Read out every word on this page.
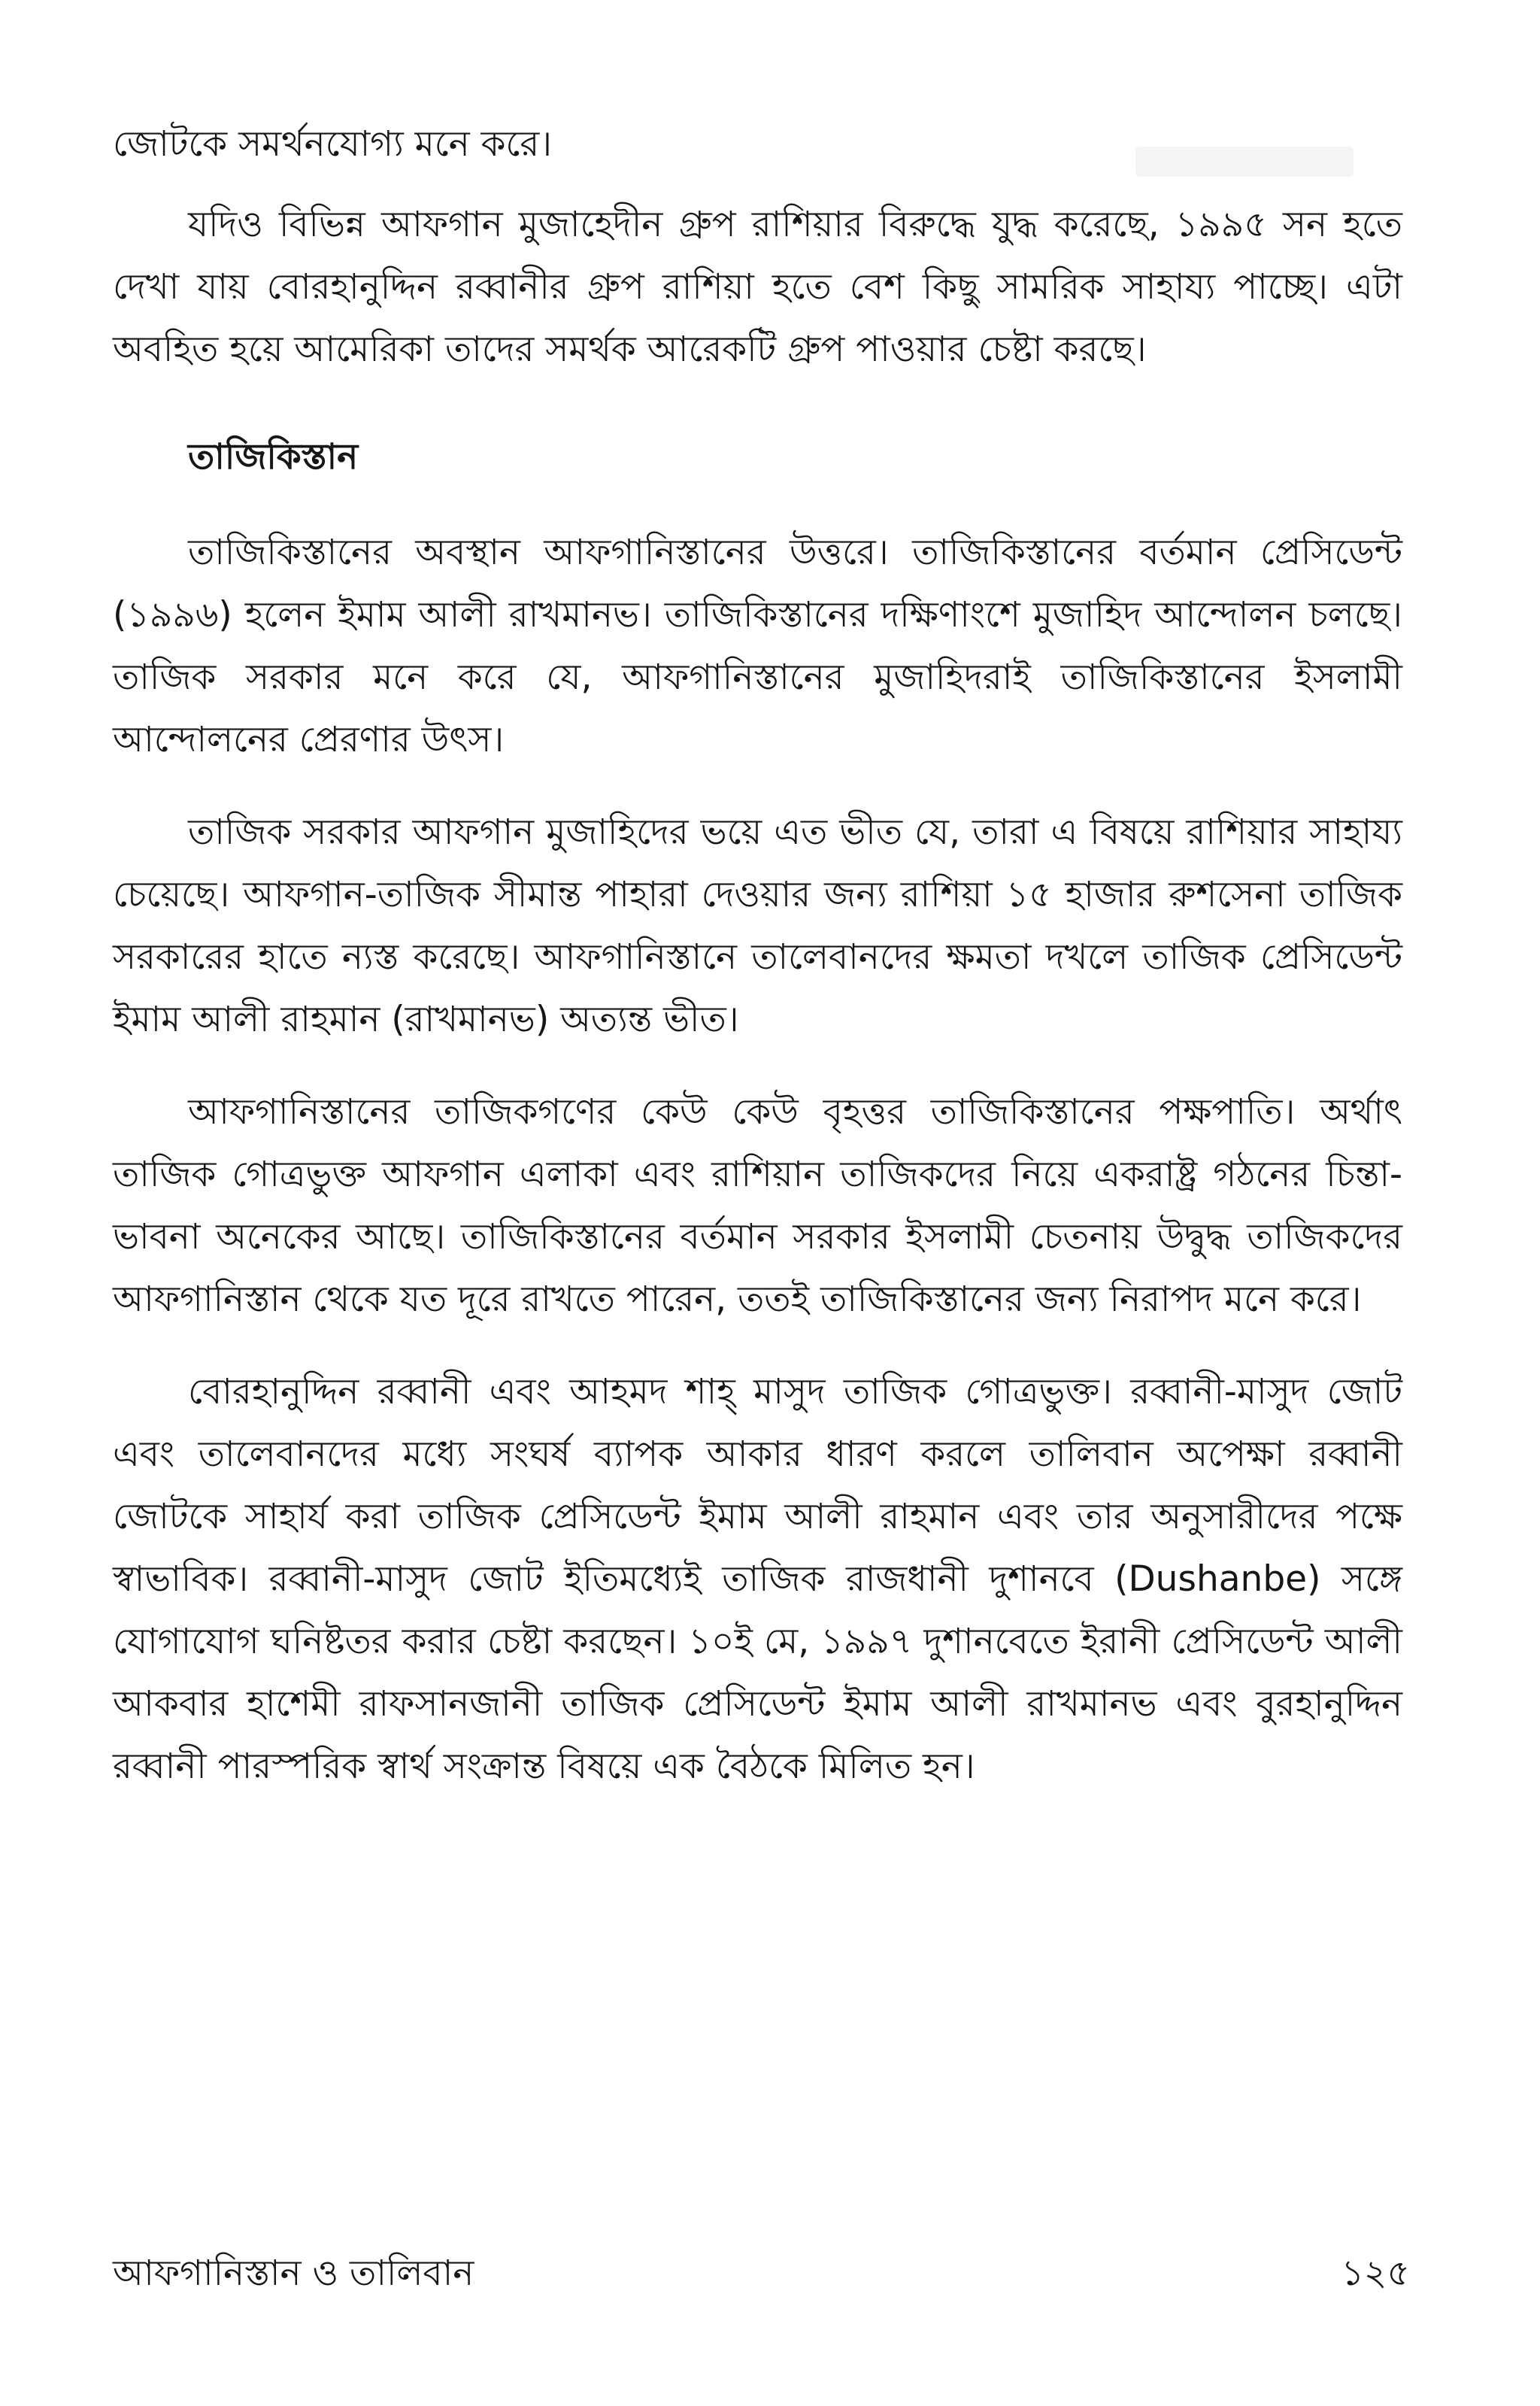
জোটকে সমর্থনযোগ্য মনে করে।

যদিও বিভিন্ন আফগান মুজাহেদীন গ্রুপ রাশিয়ার বিরুদ্ধে যুদ্ধ করেছে, ১৯৯৫ সন হতে দেখা যায় বোরহানুদ্দিন রব্বানীর গ্রুপ রাশিয়া হতে বেশ কিছু সামরিক সাহায্য পাচ্ছে। এটা অবহিত হয়ে আমেরিকা তাদের সমর্থক আরেকটি গ্রুপ পাওয়ার চেষ্টা করছে।

তাজিকিস্তান

তাজিকিস্তানের অবস্থান আফগানিস্তানের উত্তরে। তাজিকিস্তানের বর্তমান প্রেসিডেন্ট (১৯৯৬) হলেন ইমাম আলী রাখমানভ। তাজিকিস্তানের দক্ষিণাংশে মুজাহিদ আন্দোলন চলছে। তাজিক সরকার মনে করে যে, আফগানিস্তানের মুজাহিদরাই তাজিকিস্তানের ইসলামী আন্দোলনের প্রেরণার উৎস।

তাজিক সরকার আফগান মুজাহিদের ভয়ে এত ভীত যে, তারা এ বিষয়ে রাশিয়ার সাহায্য চেয়েছে। আফগান-তাজিক সীমান্ত পাহারা দেওয়ার জন্য রাশিয়া ১৫ হাজার রুশসেনা তাজিক সরকারের হাতে ন্যস্ত করেছে। আফগানিস্তানে তালেবানদের ক্ষমতা দখলে তাজিক প্রেসিডেন্ট ইমাম আলী রাহমান (রাখমানভ) অত্যন্ত ভীত।

আফগানিস্তানের তাজিকগণের কেউ কেউ বৃহত্তর তাজিকিস্তানের পক্ষপাতি। অর্থাৎ তাজিক গোত্রভুক্ত আফগান এলাকা এবং রাশিয়ান তাজিকদের নিয়ে একরাষ্ট্র গঠনের চিন্তা-ভাবনা অনেকের আছে। তাজিকিস্তানের বর্তমান সরকার ইসলামী চেতনায় উদ্বুদ্ধ তাজিকদের আফগানিস্তান থেকে যত দূরে রাখতে পারেন, ততই তাজিকিস্তানের জন্য নিরাপদ মনে করে।

বোরহানুদ্দিন রব্বানী এবং আহমদ শাহ্ মাসুদ তাজিক গোত্রভুক্ত। রব্বানী-মাসুদ জোট এবং তালেবানদের মধ্যে সংঘর্ষ ব্যাপক আকার ধারণ করলে তালিবান অপেক্ষা রব্বানী জোটকে সাহার্য করা তাজিক প্রেসিডেন্ট ইমাম আলী রাহমান এবং তার অনুসারীদের পক্ষে স্বাভাবিক। রব্বানী-মাসুদ জোট ইতিমধ্যেই তাজিক রাজধানী দুশানবে (Dushanbe) সঙ্গে যোগাযোগ ঘনিষ্টতর করার চেষ্টা করছেন। ১০ই মে, ১৯৯৭ দুশানবেতে ইরানী প্রেসিডেন্ট আলী আকবার হাশেমী রাফসানজানী তাজিক প্রেসিডেন্ট ইমাম আলী রাখমানভ এবং বুরহানুদ্দিন রব্বানী পারস্পরিক স্বার্থ সংক্রান্ত বিষয়ে এক বৈঠকে মিলিত হন।

আফগানিস্তান ও তালিবান	১২৫
